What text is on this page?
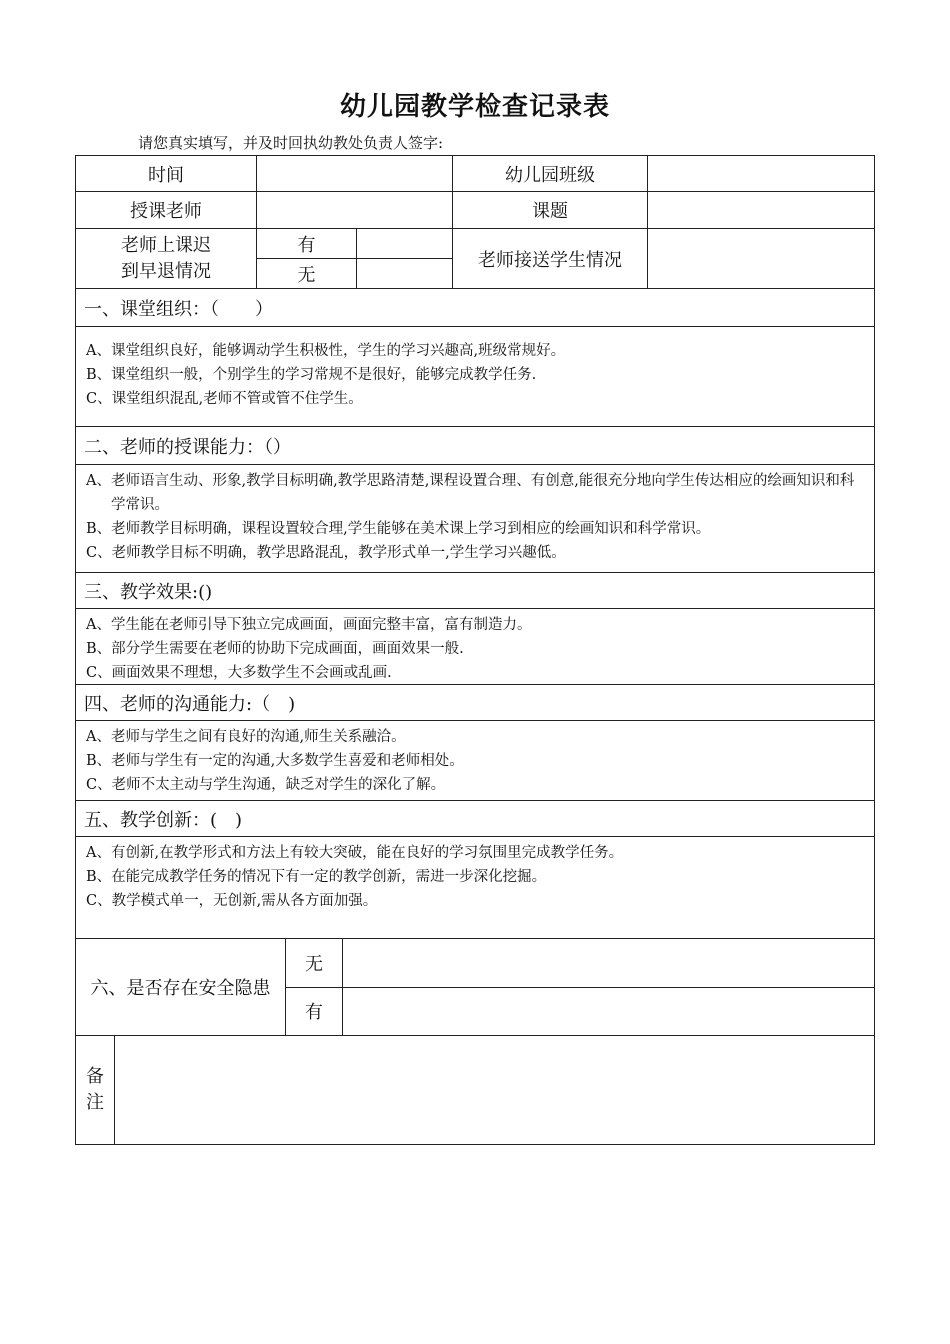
幼儿园教学检查记录表
请您真实填写，并及时回执幼教处负责人签字:
时间	幼儿园班级
授课老师	课题
老师上课迟
到早退情况
有
无
老师接送学生情况
一、课堂组织：（　　）
A、 课堂组织良好，能够调动学生积极性，学生的学习兴趣高,班级常规好。
B、 课堂组织一般，个别学生的学习常规不是很好，能够完成教学任务.
C、 课堂组织混乱,老师不管或管不住学生。
二、老师的授课能力：（）
A、 老师语言生动、形象,教学目标明确,教学思路清楚,课程设置合理、有创意,能很充分地向学生传达相应的绘画知识和科学常识。
B、 老师教学目标明确，课程设置较合理,学生能够在美术课上学习到相应的绘画知识和科学常识。
C、 老师教学目标不明确，教学思路混乱，教学形式单一,学生学习兴趣低。
三、教学效果:()
A、 学生能在老师引导下独立完成画面，画面完整丰富，富有制造力。
B、 部分学生需要在老师的协助下完成画面，画面效果一般.
C、 画面效果不理想，大多数学生不会画或乱画.
四、老师的沟通能力:（　)
A、 老师与学生之间有良好的沟通,师生关系融洽。
B、 老师与学生有一定的沟通,大多数学生喜爱和老师相处。
C、 老师不太主动与学生沟通，缺乏对学生的深化了解。
五、教学创新：(　)
A、 有创新,在教学形式和方法上有较大突破，能在良好的学习氛围里完成教学任务。
B、 在能完成教学任务的情况下有一定的教学创新，需进一步深化挖掘。
C、 教学模式单一，无创新,需从各方面加强。
六、是否存在安全隐患
无
有
备
注
